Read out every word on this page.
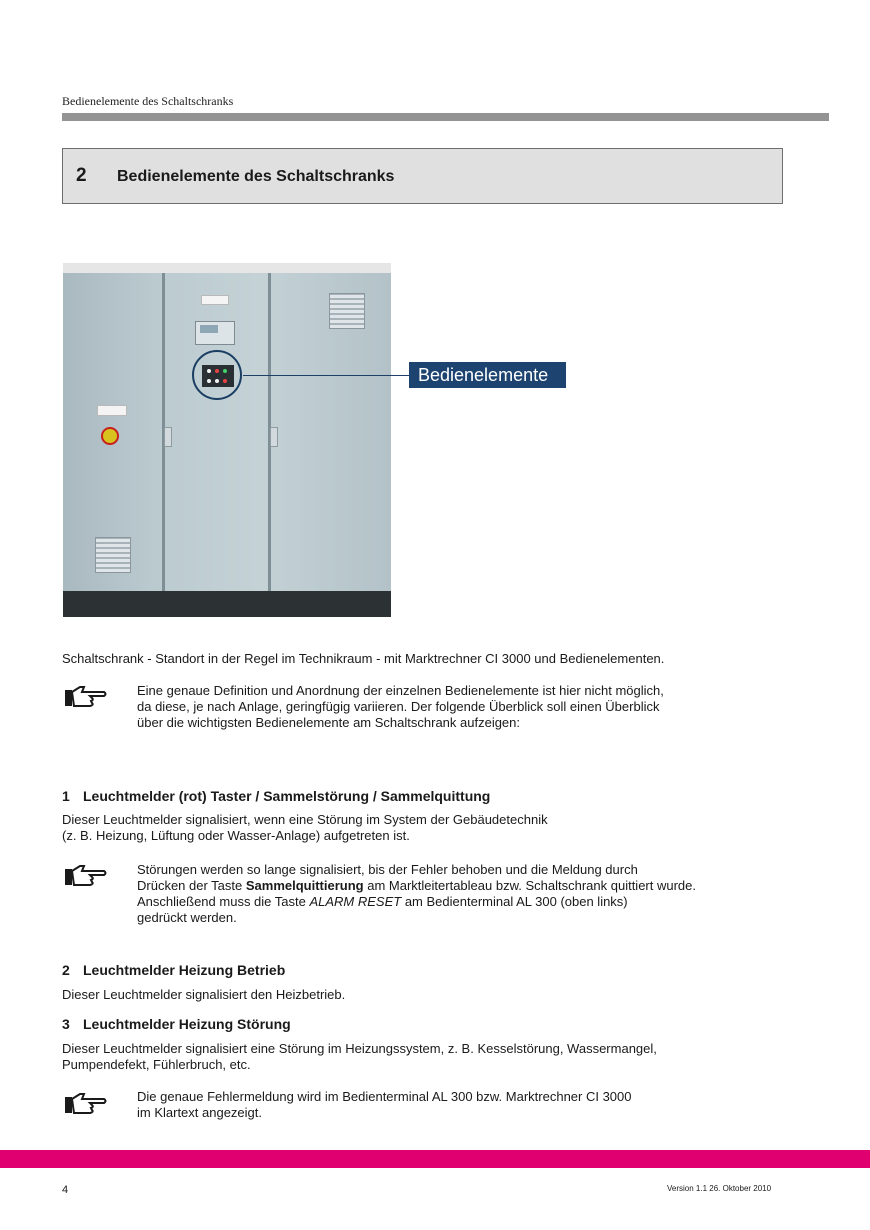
Bedienelemente des Schaltschranks
2 Bedienelemente des Schaltschranks
Bedienelemente
Schaltschrank - Standort in der Regel im Technikraum - mit Marktrechner CI 3000 und Bedienelementen.
Eine genaue Definition und Anordnung der einzelnen Bedienelemente ist hier nicht möglich,
da diese, je nach Anlage, geringfügig variieren. Der folgende Überblick soll einen Überblick
über die wichtigsten Bedienelemente am Schaltschrank aufzeigen:
1 Leuchtmelder (rot) Taster / Sammelstörung / Sammelquittung
Dieser Leuchtmelder signalisiert, wenn eine Störung im System der Gebäudetechnik
(z. B. Heizung, Lüftung oder Wasser-Anlage) aufgetreten ist.
Störungen werden so lange signalisiert, bis der Fehler behoben und die Meldung durch
Drücken der Taste Sammelquittierung am Marktleitertableau bzw. Schaltschrank quittiert wurde.
Anschließend muss die Taste ALARM RESET am Bedienterminal AL 300 (oben links)
gedrückt werden.
2 Leuchtmelder Heizung Betrieb
Dieser Leuchtmelder signalisiert den Heizbetrieb.
3 Leuchtmelder Heizung Störung
Dieser Leuchtmelder signalisiert eine Störung im Heizungssystem, z. B. Kesselstörung, Wassermangel,
Pumpendefekt, Fühlerbruch, etc.
Die genaue Fehlermeldung wird im Bedienterminal AL 300 bzw. Marktrechner CI 3000
im Klartext angezeigt.
4	Version 1.1 26. Oktober 2010
